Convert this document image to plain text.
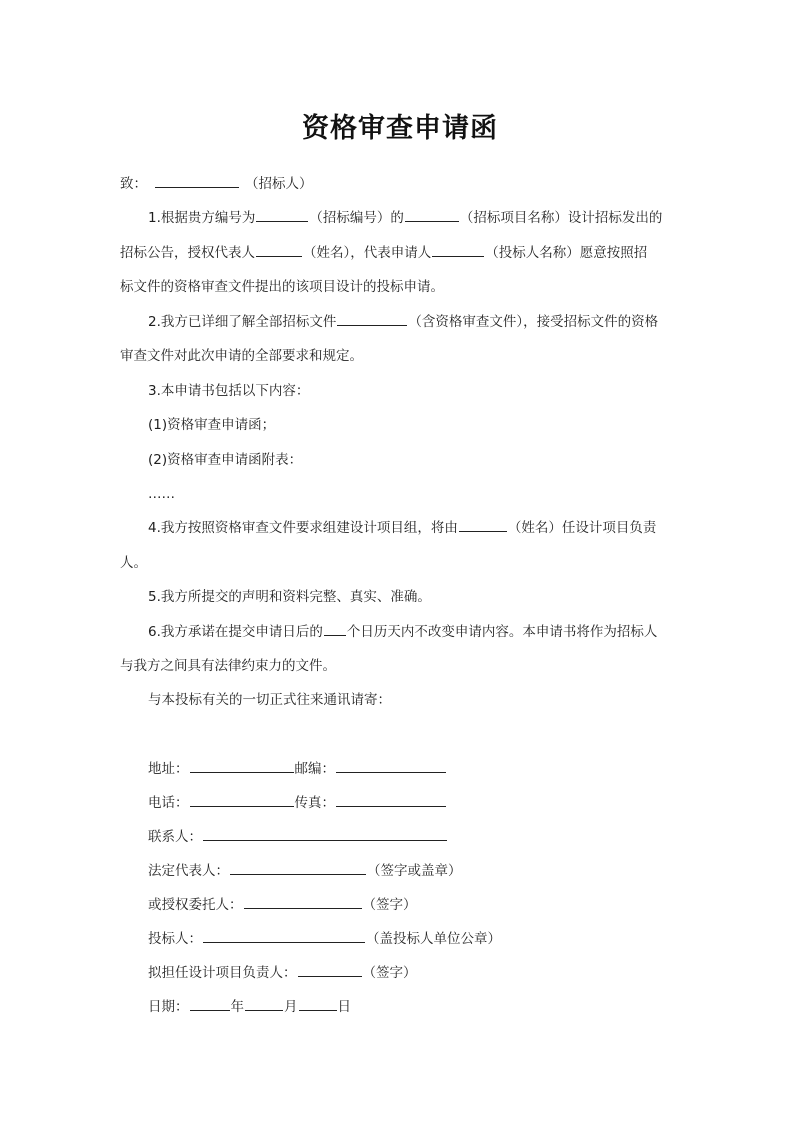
资格审查申请函
致：	（招标人）
1.根据贵方编号为	（招标编号）的	（招标项目名称）设计招标发出的
招标公告，授权代表人	（姓名），代表申请人	（投标人名称）愿意按照招
标文件的资格审查文件提出的该项目设计的投标申请。
2.我方已详细了解全部招标文件	（含资格审查文件），接受招标文件的资格
审查文件对此次申请的全部要求和规定。
3.本申请书包括以下内容：
(1)资格审查申请函；
(2)资格审查申请函附表：
……
4.我方按照资格审查文件要求组建设计项目组，将由	（姓名）任设计项目负责
人。
5.我方所提交的声明和资料完整、真实、准确。
6.我方承诺在提交申请日后的 个日历天内不改变申请内容。本申请书将作为招标人
与我方之间具有法律约束力的文件。
与本投标有关的一切正式往来通讯请寄：
地址：	邮编：
电话：	传真：
联系人：
法定代表人：	（签字或盖章）
或授权委托人：	（签字）
投标人：	（盖投标人单位公章）
拟担任设计项目负责人：	（签字）
日期：	年	月	日
